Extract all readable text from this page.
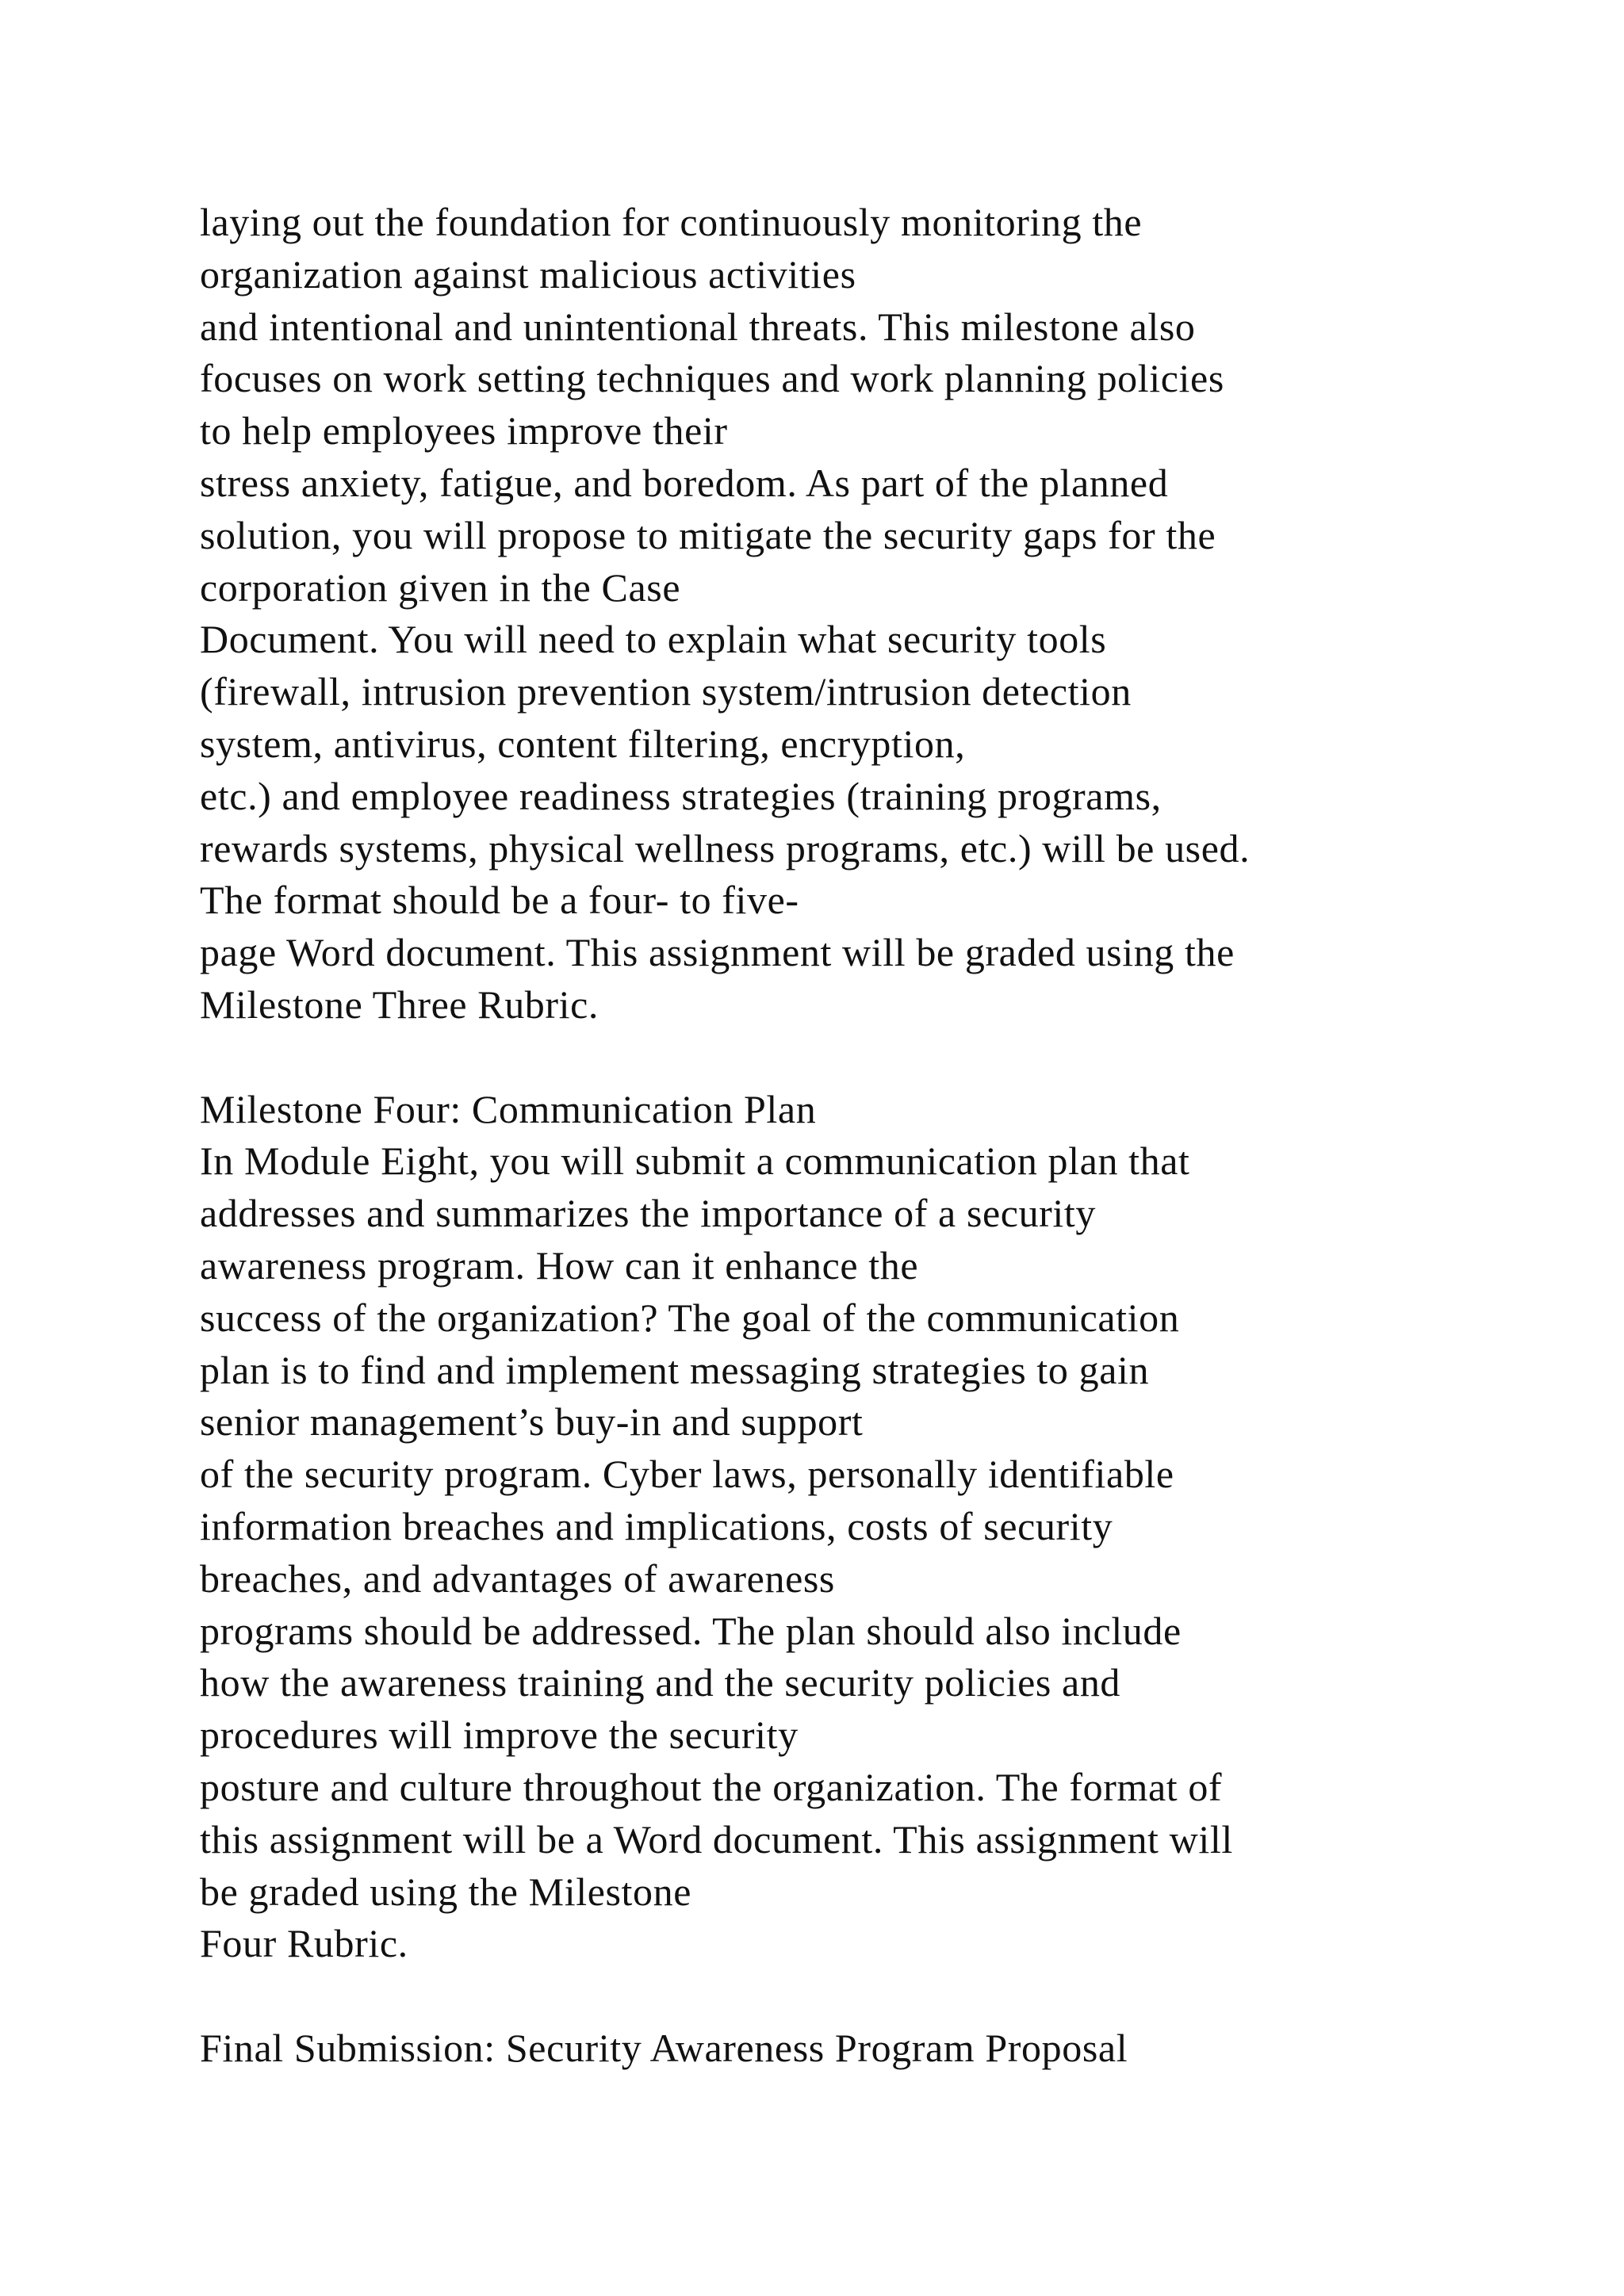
laying out the foundation for continuously monitoring the
organization against malicious activities
and intentional and unintentional threats. This milestone also
focuses on work setting techniques and work planning policies
to help employees improve their
stress anxiety, fatigue, and boredom. As part of the planned
solution, you will propose to mitigate the security gaps for the
corporation given in the Case
Document. You will need to explain what security tools
(firewall, intrusion prevention system/intrusion detection
system, antivirus, content filtering, encryption,
etc.) and employee readiness strategies (training programs,
rewards systems, physical wellness programs, etc.) will be used.
The format should be a four- to five-
page Word document. This assignment will be graded using the
Milestone Three Rubric.
Milestone Four: Communication Plan
In Module Eight, you will submit a communication plan that
addresses and summarizes the importance of a security
awareness program. How can it enhance the
success of the organization? The goal of the communication
plan is to find and implement messaging strategies to gain
senior management’s buy-in and support
of the security program. Cyber laws, personally identifiable
information breaches and implications, costs of security
breaches, and advantages of awareness
programs should be addressed. The plan should also include
how the awareness training and the security policies and
procedures will improve the security
posture and culture throughout the organization. The format of
this assignment will be a Word document. This assignment will
be graded using the Milestone
Four Rubric.
Final Submission: Security Awareness Program Proposal
